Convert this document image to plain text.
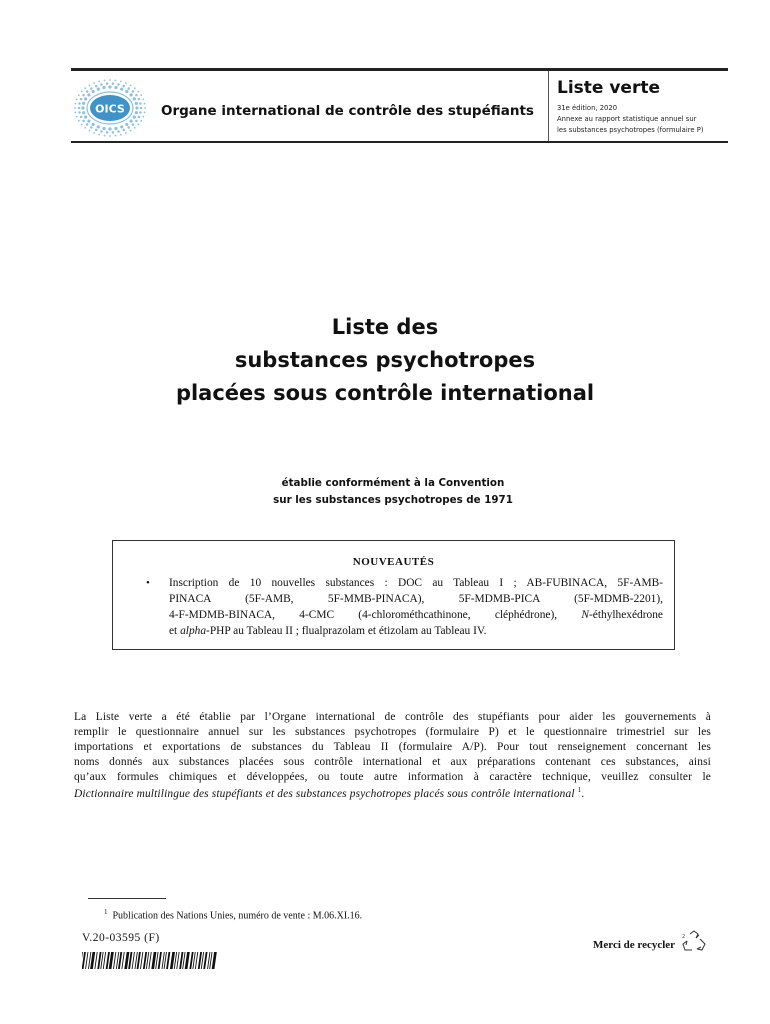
OICS	Organe international de contrôle des stupéfiants
Liste verte
31e édition, 2020
Annexe au rapport statistique annuel sur
les substances psychotropes (formulaire P)
Liste des
substances psychotropes
placées sous contrôle international
établie conformément à la Convention
sur les substances psychotropes de 1971
NOUVEAUTÉS
• Inscription de 10 nouvelles substances : DOC au Tableau I ; AB-FUBINACA, 5F-AMB-
PINACA (5F-AMB, 5F-MMB-PINACA), 5F-MDMB-PICA (5F-MDMB-2201),
4-F-MDMB-BINACA, 4-CMC (4-chlorométhcathinone, cléphédrone), N-éthylhexédrone
et alpha-PHP au Tableau II ; flualprazolam et étizolam au Tableau IV.
La Liste verte a été établie par l’Organe international de contrôle des stupéfiants pour aider les gouvernements à
remplir le questionnaire annuel sur les substances psychotropes (formulaire P) et le questionnaire trimestriel sur les
importations et exportations de substances du Tableau II (formulaire A/P). Pour tout renseignement concernant les
noms donnés aux substances placées sous contrôle international et aux préparations contenant ces substances, ainsi
qu’aux formules chimiques et développées, ou toute autre information à caractère technique, veuillez consulter le
Dictionnaire multilingue des stupéfiants et des substances psychotropes placés sous contrôle international $^1$.
$^1$ Publication des Nations Unies, numéro de vente : M.06.XI.16.
V.20-03595 (F)
Merci de recycler
2
